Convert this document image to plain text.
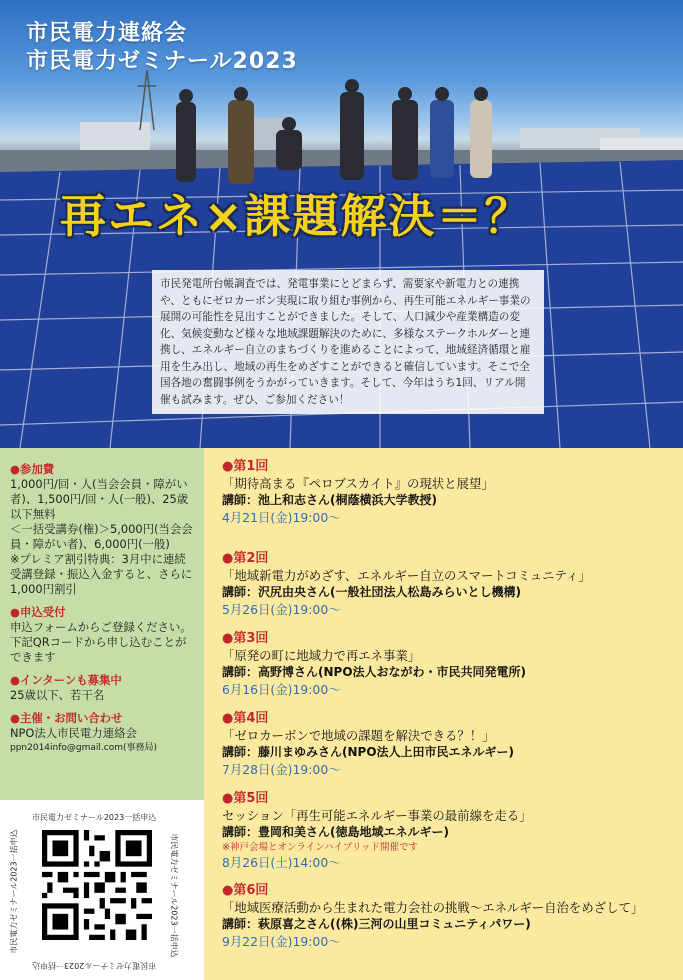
市民電力連絡会
市民電力ゼミナール2023
再エネ×課題解決＝？
市民発電所台帳調査では、発電事業にとどまらず、需要家や新電力との連携や、ともにゼロカーボン実現に取り組む事例から、再生可能エネルギー事業の展開の可能性を見出すことができました。そして、人口減少や産業構造の変化、気候変動など様々な地域課題解決のために、多様なステークホルダーと連携し、エネルギー自立のまちづくりを進めることによって、地域経済循環と雇用を生み出し、地域の再生をめざすことができると確信しています。そこで全国各地の奮闘事例をうかがっていきます。そして、今年はうち1回、リアル開催も試みます。ぜひ、ご参加ください！
●参加費
1,000円/回・人(当会会員・障がい者)、1,500円/回・人(一般)、25歳以下無料
＜一括受講券(権)＞5,000円(当会会員・障がい者)、6,000円(一般)
※プレミア割引特典：3月中に連続受講登録・振込入金すると、さらに1,000円割引
●申込受付
申込フォームからご登録ください。下記QRコードから申し込むことができます
●インターンも募集中
25歳以下、若干名
●主催・お問い合わせ
NPO法人市民電力連絡会
ppn2014info@gmail.com(事務局)
市民電力ゼミナール2023一括申込
市民電力ゼミナール2023一括申込
市民電力ゼミナール2023一括申込
市民電力ゼミナール2023一括申込
●第1回
「期待高まる『ペロブスカイト』の現状と展望」
講師：池上和志さん(桐蔭横浜大学教授)
4月21日(金)19:00～
●第2回
「地域新電力がめざす、エネルギー自立のスマートコミュニティ」
講師：沢尻由央さん(一般社団法人松島みらいとし機構)
5月26日(金)19:00～
●第3回
「原発の町に地域力で再エネ事業」
講師：高野博さん(NPO法人おながわ・市民共同発電所)
6月16日(金)19:00～
●第4回
「ゼロカーボンで地域の課題を解決できる？！」
講師：藤川まゆみさん(NPO法人上田市民エネルギー)
7月28日(金)19:00～
●第5回
セッション「再生可能エネルギー事業の最前線を走る」
講師：豊岡和美さん(徳島地域エネルギー)
※神戸会場とオンラインハイブリッド開催です
8月26日(土)14:00～
●第6回
「地域医療活動から生まれた電力会社の挑戦～エネルギー自治をめざして」
講師：萩原喜之さん((株)三河の山里コミュニティパワー)
9月22日(金)19:00～
